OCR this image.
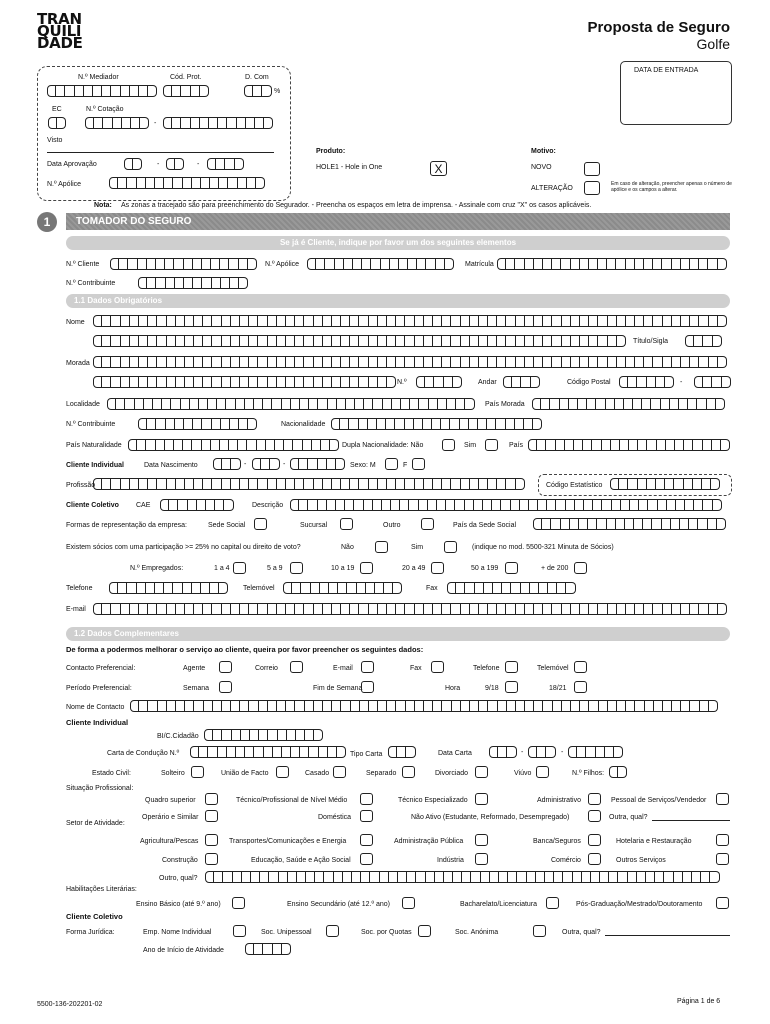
TRAN QUILI DADE
Proposta de Seguro
Golfe
N.º Mediador	Cód. Prot.	D. Com
%
EC	N.º Cotação
-
Visto
Data Aprovação	-	-
N.º Apólice
DATA DE ENTRADA
Produto:
HOLE1 - Hole in One	X
Motivo:
NOVO
ALTERAÇÃO
Em caso de alteração, preencher apenas o número de apólice e os campos a alterar.
Nota: As zonas a tracejado são para preenchimento do Segurador. - Preencha os espaços em letra de imprensa. - Assinale com cruz "X" os casos aplicáveis.
1	TOMADOR DO SEGURO
Se já é Cliente, indique por favor um dos seguintes elementos
N.º Cliente	N.º Apólice	Matrícula
N.º Contribuinte
1.1 Dados Obrigatórios
Nome
Título/Sigla
Morada
N.º	Andar	Código Postal	-
Localidade	País Morada
N.º Contribuinte	Nacionalidade
País Naturalidade	Dupla Nacionalidade: Não	Sim	País
Cliente Individual	Data Nascimento	-	-	Sexo: M	F
Profissão	Código Estatístico
Cliente Coletivo CAE	Descrição
Formas de representação da empresa:	Sede Social	Sucursal	Outro	País da Sede Social
Existem sócios com uma participação >= 25% no capital ou direito de voto?	Não	Sim	(indique no mod. 5500-321 Minuta de Sócios)
N.º Empregados:	1 a 4	5 a 9	10 a 19	20 a 49	50 a 199	+ de 200
Telefone	Telemóvel	Fax
E-mail
1.2 Dados Complementares
De forma a podermos melhorar o serviço ao cliente, queira por favor preencher os seguintes dados:
Contacto Preferencial:	Agente	Correio	E-mail	Fax	Telefone	Telemóvel
Período Preferencial:	Semana	Fim de Semana	Hora	9/18	18/21
Nome de Contacto
Cliente Individual
BI/C.Cidadão
Carta de Condução N.º	Tipo Carta	Data Carta	-	-
Estado Civil:	Solteiro	União de Facto	Casado	Separado	Divorciado	Viúvo	N.º Filhos:
Situação Profissional:
Quadro superior	Técnico/Profissional de Nível Médio	Técnico Especializado	Administrativo	Pessoal de Serviços/Vendedor
Operário e Similar
Setor de Atividade:
Doméstica	Não Ativo (Estudante, Reformado, Desempregado)	Outra, qual?
Agricultura/Pescas	Transportes/Comunicações e Energia	Administração Pública	Banca/Seguros	Hotelaria e Restauração
Construção	Educação, Saúde e Ação Social	Indústria	Comércio	Outros Serviços
Outro, qual?
Habilitações Literárias:
Ensino Básico (até 9.º ano)	Ensino Secundário (até 12.º ano)	Bacharelato/Licenciatura	Pós-Graduação/Mestrado/Doutoramento
Cliente Coletivo
Forma Jurídica:	Emp. Nome Individual	Soc. Unipessoal	Soc. por Quotas	Soc. Anónima	Outra, qual?
Ano de Início de Atividade
5500-136-202201-02	Página 1 de 6
